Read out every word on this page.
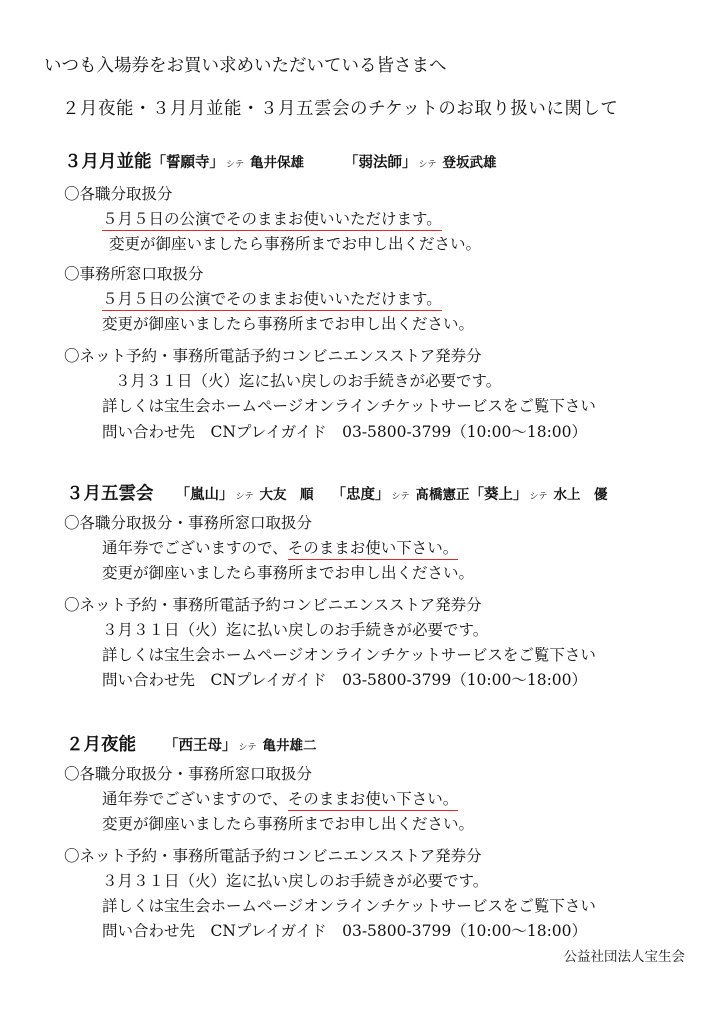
いつも入場券をお買い求めいただいている皆さまへ
２月夜能・３月月並能・３月五雲会のチケットのお取り扱いに関して
３月月並能「誓願寺」 シテ 亀井保雄	「弱法師」 シテ 登坂武雄
〇各職分取扱分
５月５日の公演でそのままお使いいただけます。
変更が御座いましたら事務所までお申し出ください。
〇事務所窓口取扱分
５月５日の公演でそのままお使いいただけます。
変更が御座いましたら事務所までお申し出ください。
〇ネット予約・事務所電話予約コンビニエンスストア発券分
３月３１日（火）迄に払い戻しのお手続きが必要です。
詳しくは宝生会ホームページオンラインチケットサービスをご覧下さい
問い合わせ先　CNプレイガイド　03-5800-3799（10:00～18:00）
３月五雲会 「嵐山」 シテ 大友　順 「忠度」 シテ 髙橋憲正「葵上」 シテ 水上　優
〇各職分取扱分・事務所窓口取扱分
通年券でございますので、そのままお使い下さい。
変更が御座いましたら事務所までお申し出ください。
〇ネット予約・事務所電話予約コンビニエンスストア発券分
３月３１日（火）迄に払い戻しのお手続きが必要です。
詳しくは宝生会ホームページオンラインチケットサービスをご覧下さい
問い合わせ先　CNプレイガイド　03-5800-3799（10:00～18:00）
２月夜能 「西王母」 シテ 亀井雄二
〇各職分取扱分・事務所窓口取扱分
通年券でございますので、そのままお使い下さい。
変更が御座いましたら事務所までお申し出ください。
〇ネット予約・事務所電話予約コンビニエンスストア発券分
３月３１日（火）迄に払い戻しのお手続きが必要です。
詳しくは宝生会ホームページオンラインチケットサービスをご覧下さい
問い合わせ先　CNプレイガイド　03-5800-3799（10:00～18:00）
公益社団法人宝生会
